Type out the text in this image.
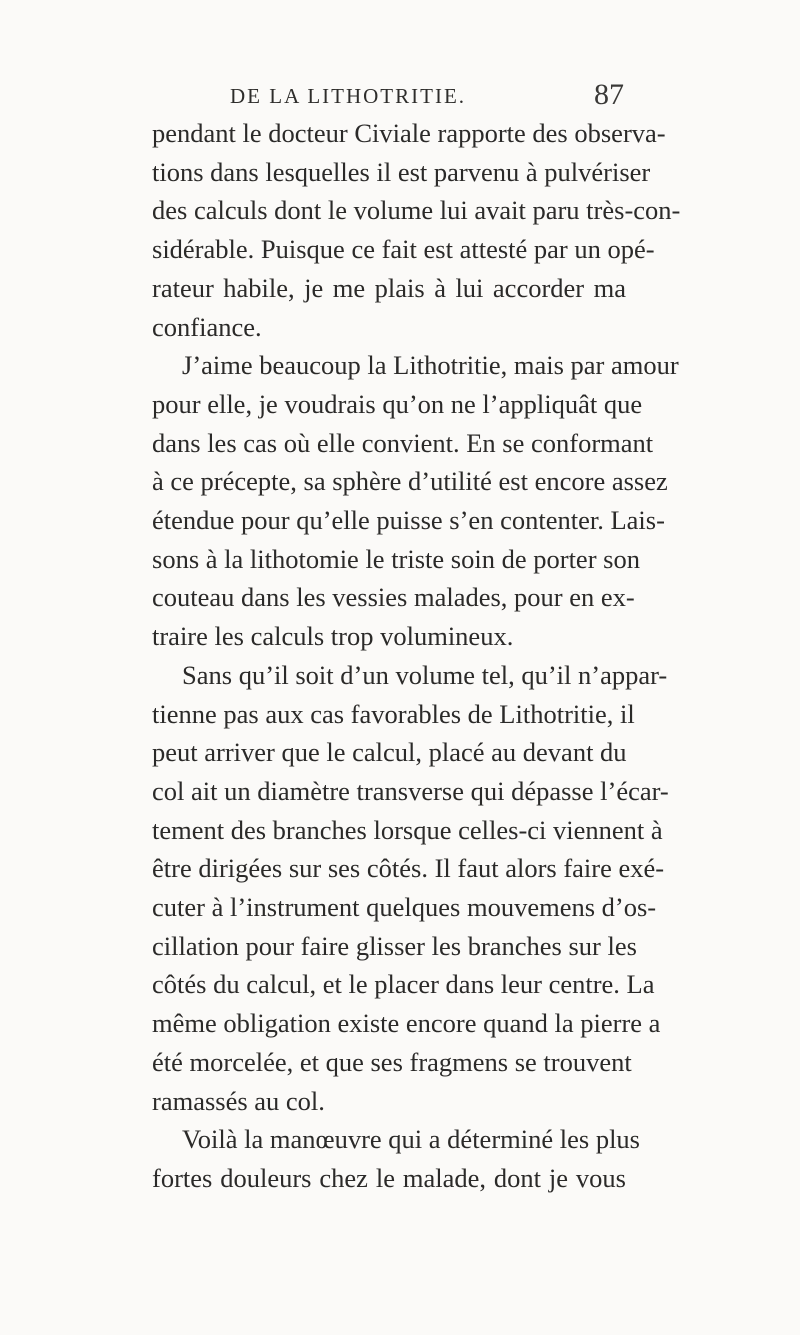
DE LA LITHOTRITIE.	87
pendant le docteur Civiale rapporte des observa-
tions dans lesquelles il est parvenu à pulvériser
des calculs dont le volume lui avait paru très-con-
sidérable. Puisque ce fait est attesté par un opé-
rateur habile, je me plais à lui accorder ma
confiance.
J’aime beaucoup la Lithotritie, mais par amour
pour elle, je voudrais qu’on ne l’appliquât que
dans les cas où elle convient. En se conformant
à ce précepte, sa sphère d’utilité est encore assez
étendue pour qu’elle puisse s’en contenter. Lais-
sons à la lithotomie le triste soin de porter son
couteau dans les vessies malades, pour en ex-
traire les calculs trop volumineux.
Sans qu’il soit d’un volume tel, qu’il n’appar-
tienne pas aux cas favorables de Lithotritie, il
peut arriver que le calcul, placé au devant du
col ait un diamètre transverse qui dépasse l’écar-
tement des branches lorsque celles-ci viennent à
être dirigées sur ses côtés. Il faut alors faire exé-
cuter à l’instrument quelques mouvemens d’os-
cillation pour faire glisser les branches sur les
côtés du calcul, et le placer dans leur centre. La
même obligation existe encore quand la pierre a
été morcelée, et que ses fragmens se trouvent
ramassés au col.
Voilà la manœuvre qui a déterminé les plus
fortes douleurs chez le malade, dont je vous
